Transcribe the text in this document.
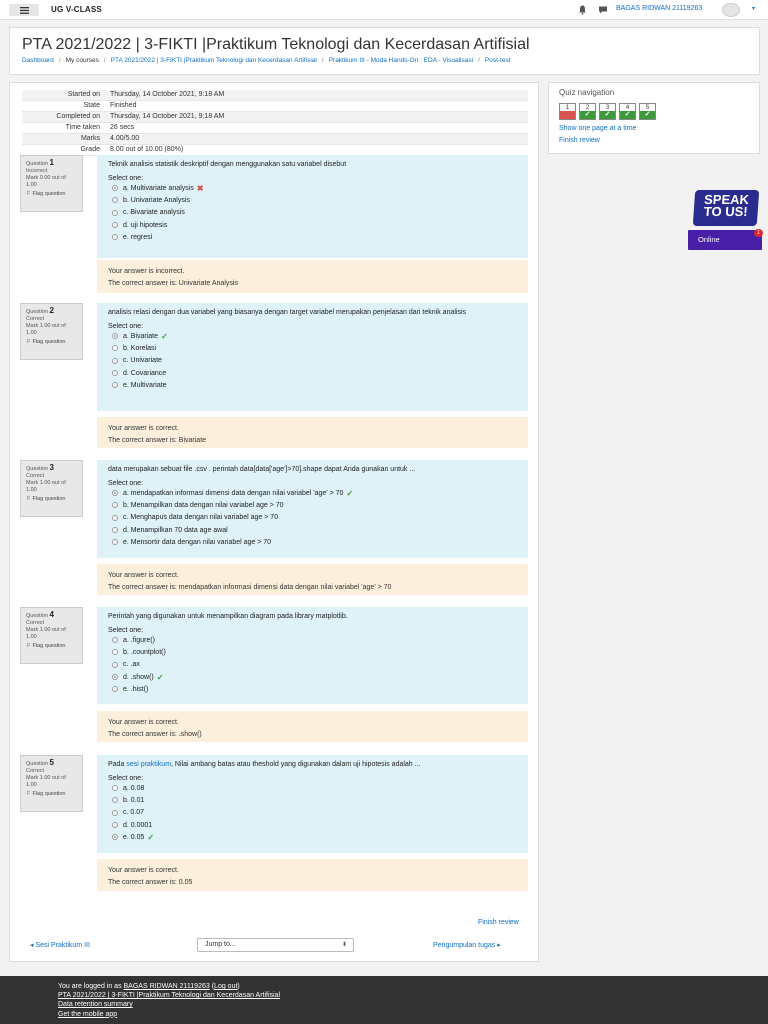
UG V-CLASS	BAGAS RIDWAN 21119263	▾
PTA 2021/2022 | 3-FIKTI |Praktikum Teknologi dan Kecerdasan Artifisial
Dashboard / My courses / PTA 2021/2022 | 3-FIKTI |Praktikum Teknologi dan Kecerdasan Artifisial / Praktikum III - Moda Hands-On : EDA - Visualisasi / Post-test
Started on	Thursday, 14 October 2021, 9:18 AM
State	Finished
Completed on	Thursday, 14 October 2021, 9:18 AM
Time taken	26 secs
Marks	4.00/5.00
Grade	8.00 out of 10.00 (80%)
Question 1
Incorrect
Mark 0.00 out of 1.00
⚐ Flag question
Teknik analisis statistik deskriptif dengan menggunakan satu variabel disebut
Select one:
a. Multivariate analysis ✖
b. Univariate Analysis
c. Bivariate analysis
d. uji hipotesis
e. regresi
Your answer is incorrect.
The correct answer is: Univariate Analysis
Question 2
Correct
Mark 1.00 out of 1.00
⚐ Flag question
analisis relasi dengan dua variabel yang biasanya dengan target variabel merupakan penjelasan dari teknik analisis
Select one:
a. Bivariate ✓
b. Korelasi
c. Univariate
d. Covariance
e. Multivariate
Your answer is correct.
The correct answer is: Bivariate
Question 3
Correct
Mark 1.00 out of 1.00
⚐ Flag question
data merupakan sebuat file .csv . perintah data[data['age']>70].shape dapat Anda gunakan untuk ...
Select one:
a. mendapatkan informasi dimensi data dengan nilai variabel 'age' > 70 ✓
b. Menampilkan data dengan nilai variabel age > 70
c. Menghapus data dengan nilai variabel age > 70
d. Menampilkan 70 data age awal
e. Mensortir data dengan nilai variabel age > 70
Your answer is correct.
The correct answer is: mendapatkan informasi dimensi data dengan nilai variabel 'age' > 70
Question 4
Correct
Mark 1.00 out of 1.00
⚐ Flag question
Perintah yang digunakan untuk menampilkan diagram pada library matplotlib.
Select one:
a. .figure()
b. .countplot()
c. .ax
d. .show() ✓
e. .hist()
Your answer is correct.
The correct answer is: .show()
Question 5
Correct
Mark 1.00 out of 1.00
⚐ Flag question
Pada sesi praktikum, Nilai ambang batas atau theshold yang digunakan dalam uji hipotesis adalah ...
Select one:
a. 0.08
b. 0.01
c. 0.07
d. 0.0001
e. 0.05 ✓
Your answer is correct.
The correct answer is: 0.05
Finish review
◂ Sesi Praktikum III	Jump to...	⬍	Pengumpulan tugas ▸
Quiz navigation
1	2
✓
3
✓
4
✓
5
✓
Show one page at a time
Finish review
SPEAK
TO US!
Online
1
You are logged in as BAGAS RIDWAN 21119263 (Log out)
PTA 2021/2022 | 3-FIKTI |Praktikum Teknologi dan Kecerdasan Artifisial
Data retention summary
Get the mobile app
